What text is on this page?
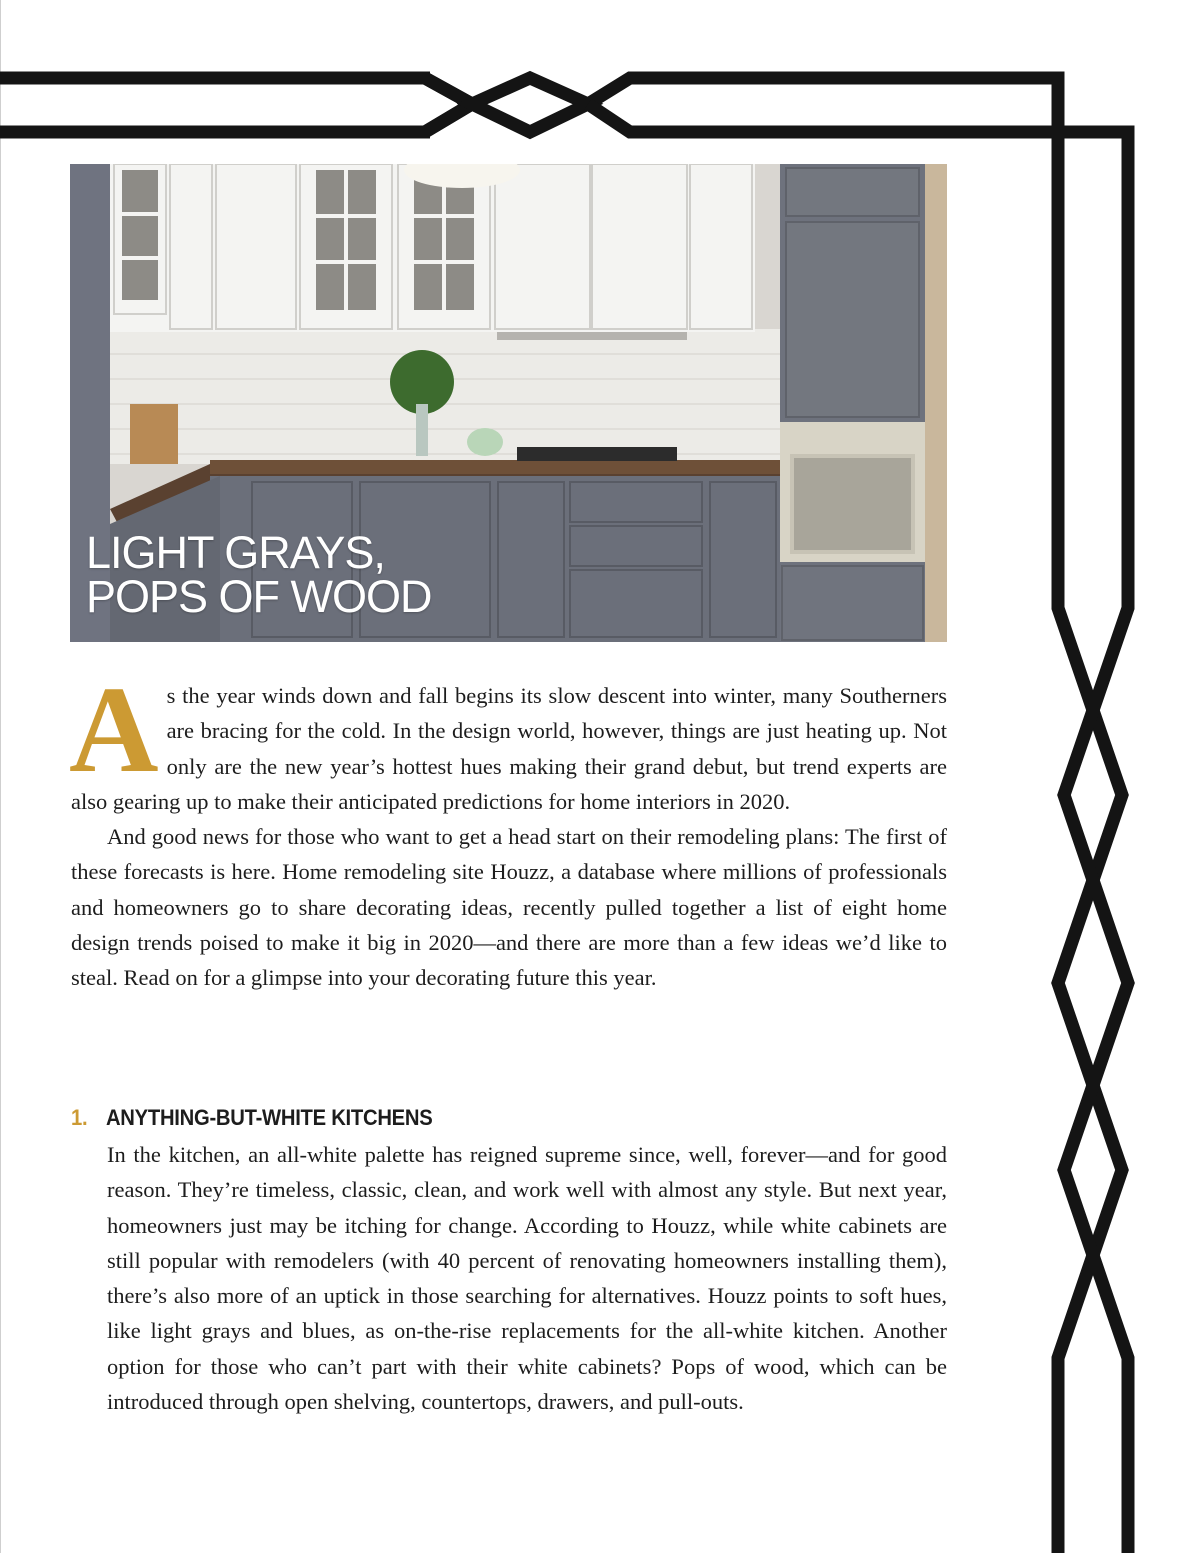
LIGHT GRAYS,
POPS OF WOOD

As the year winds down and fall begins its slow descent into winter, many Southerners are bracing for the cold. In the design world, however, things are just heating up. Not only are the new year’s hottest hues making their grand debut, but trend experts are also gearing up to make their anticipated predictions for home interiors in 2020.

And good news for those who want to get a head start on their remodeling plans: The first of these forecasts is here. Home remodeling site Houzz, a database where millions of professionals and homeowners go to share decorating ideas, recently pulled together a list of eight home design trends poised to make it big in 2020—and there are more than a few ideas we’d like to steal. Read on for a glimpse into your decorating future this year.

1. ANYTHING-BUT-WHITE KITCHENS

In the kitchen, an all-white palette has reigned supreme since, well, forever—and for good reason. They’re timeless, classic, clean, and work well with almost any style. But next year, homeowners just may be itching for change. According to Houzz, while white cabinets are still popular with remodelers (with 40 percent of renovating homeowners installing them), there’s also more of an uptick in those searching for alternatives. Houzz points to soft hues, like light grays and blues, as on-the-rise replacements for the all-white kitchen. Another option for those who can’t part with their white cabinets? Pops of wood, which can be introduced through open shelving, countertops, drawers, and pull-outs.
